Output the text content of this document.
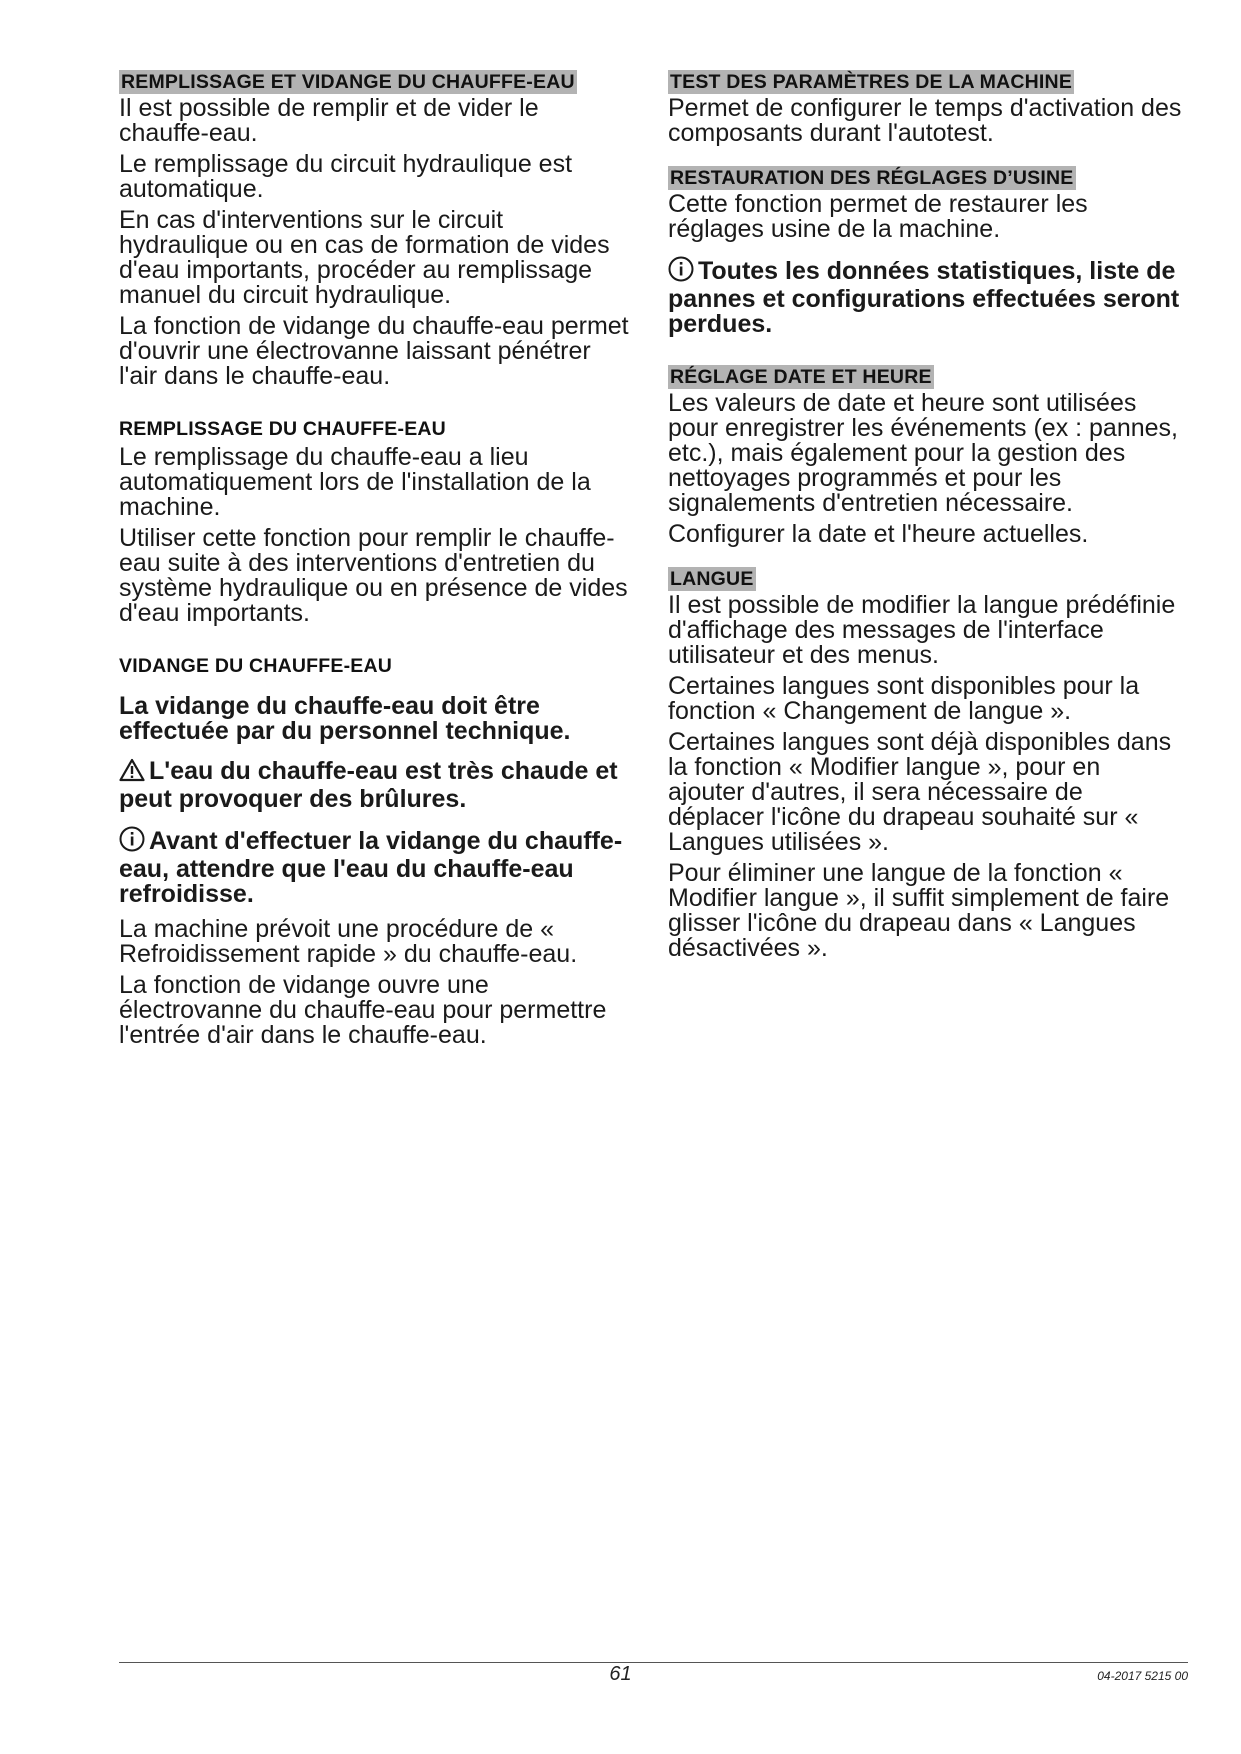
REMPLISSAGE ET VIDANGE DU CHAUFFE-EAU

Il est possible de remplir et de vider le chauffe-eau.

Le remplissage du circuit hydraulique est automatique.

En cas d'interventions sur le circuit hydraulique ou en cas de formation de vides d'eau importants, procéder au remplissage manuel du circuit hydraulique.

La fonction de vidange du chauffe-eau permet d'ouvrir une électrovanne laissant pénétrer l'air dans le chauffe-eau.

REMPLISSAGE DU CHAUFFE-EAU

Le remplissage du chauffe-eau a lieu automatiquement lors de l'installation de la machine.

Utiliser cette fonction pour remplir le chauffe-eau suite à des interventions d'entretien du système hydraulique ou en présence de vides d'eau importants.

VIDANGE DU CHAUFFE-EAU

La vidange du chauffe-eau doit être effectuée par du personnel technique.

L'eau du chauffe-eau est très chaude et peut provoquer des brûlures.

Avant d'effectuer la vidange du chauffe-eau, attendre que l'eau du chauffe-eau refroidisse.

La machine prévoit une procédure de « Refroidissement rapide » du chauffe-eau.

La fonction de vidange ouvre une électrovanne du chauffe-eau pour permettre l'entrée d'air dans le chauffe-eau.

TEST DES PARAMÈTRES DE LA MACHINE

Permet de configurer le temps d'activation des composants durant l'autotest.

RESTAURATION DES RÉGLAGES D’USINE

Cette fonction permet de restaurer les réglages usine de la machine.

Toutes les données statistiques, liste de pannes et configurations effectuées seront perdues.

RÉGLAGE DATE ET HEURE

Les valeurs de date et heure sont utilisées pour enregistrer les événements (ex : pannes, etc.), mais également pour la gestion des nettoyages programmés et pour les signalements d'entretien nécessaire.

Configurer la date et l'heure actuelles.

LANGUE

Il est possible de modifier la langue prédéfinie d'affichage des messages de l'interface utilisateur et des menus.

Certaines langues sont disponibles pour la fonction « Changement de langue ».

Certaines langues sont déjà disponibles dans la fonction « Modifier langue », pour en ajouter d'autres, il sera nécessaire de déplacer l'icône du drapeau souhaité sur « Langues utilisées ».

Pour éliminer une langue de la fonction « Modifier langue », il suffit simplement de faire glisser l'icône du drapeau dans « Langues désactivées ».

61	04-2017 5215 00
